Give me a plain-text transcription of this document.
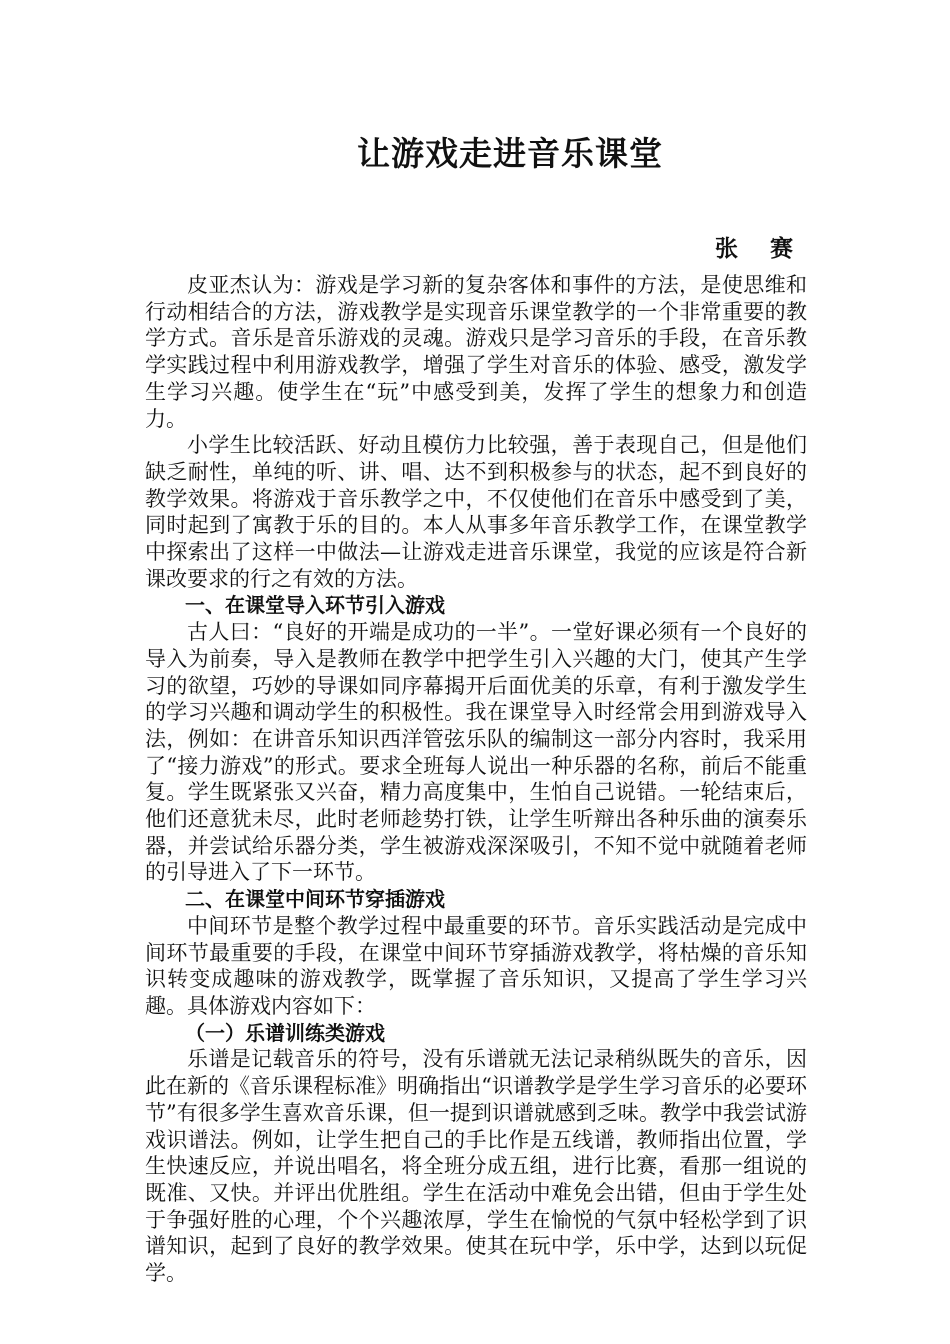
让游戏走进音乐课堂
张 赛

皮亚杰认为：游戏是学习新的复杂客体和事件的方法，是使思维和行动相结合的方法，游戏教学是实现音乐课堂教学的一个非常重要的教学方式。音乐是音乐游戏的灵魂。游戏只是学习音乐的手段，在音乐教学实践过程中利用游戏教学，增强了学生对音乐的体验、感受，激发学生学习兴趣。使学生在“玩”中感受到美，发挥了学生的想象力和创造力。

小学生比较活跃、好动且模仿力比较强，善于表现自己，但是他们缺乏耐性，单纯的听、讲、唱、达不到积极参与的状态，起不到良好的教学效果。将游戏于音乐教学之中，不仅使他们在音乐中感受到了美，同时起到了寓教于乐的目的。本人从事多年音乐教学工作，在课堂教学中探索出了这样一中做法—让游戏走进音乐课堂，我觉的应该是符合新课改要求的行之有效的方法。

一、在课堂导入环节引入游戏

古人曰：“良好的开端是成功的一半”。一堂好课必须有一个良好的导入为前奏，导入是教师在教学中把学生引入兴趣的大门，使其产生学习的欲望，巧妙的导课如同序幕揭开后面优美的乐章，有利于激发学生的学习兴趣和调动学生的积极性。我在课堂导入时经常会用到游戏导入法，例如：在讲音乐知识西洋管弦乐队的编制这一部分内容时，我采用了“接力游戏”的形式。要求全班每人说出一种乐器的名称，前后不能重复。学生既紧张又兴奋，精力高度集中，生怕自己说错。一轮结束后，他们还意犹未尽，此时老师趁势打铁，让学生听辩出各种乐曲的演奏乐器，并尝试给乐器分类，学生被游戏深深吸引，不知不觉中就随着老师的引导进入了下一环节。

二、在课堂中间环节穿插游戏

中间环节是整个教学过程中最重要的环节。音乐实践活动是完成中间环节最重要的手段，在课堂中间环节穿插游戏教学，将枯燥的音乐知识转变成趣味的游戏教学，既掌握了音乐知识，又提高了学生学习兴趣。具体游戏内容如下：

（一）乐谱训练类游戏

乐谱是记载音乐的符号，没有乐谱就无法记录稍纵既失的音乐，因此在新的《音乐课程标准》明确指出“识谱教学是学生学习音乐的必要环节”有很多学生喜欢音乐课，但一提到识谱就感到乏味。教学中我尝试游戏识谱法。例如，让学生把自己的手比作是五线谱，教师指出位置，学生快速反应，并说出唱名，将全班分成五组，进行比赛，看那一组说的既准、又快。并评出优胜组。学生在活动中难免会出错，但由于学生处于争强好胜的心理，个个兴趣浓厚，学生在愉悦的气氛中轻松学到了识谱知识，起到了良好的教学效果。使其在玩中学，乐中学，达到以玩促学。
